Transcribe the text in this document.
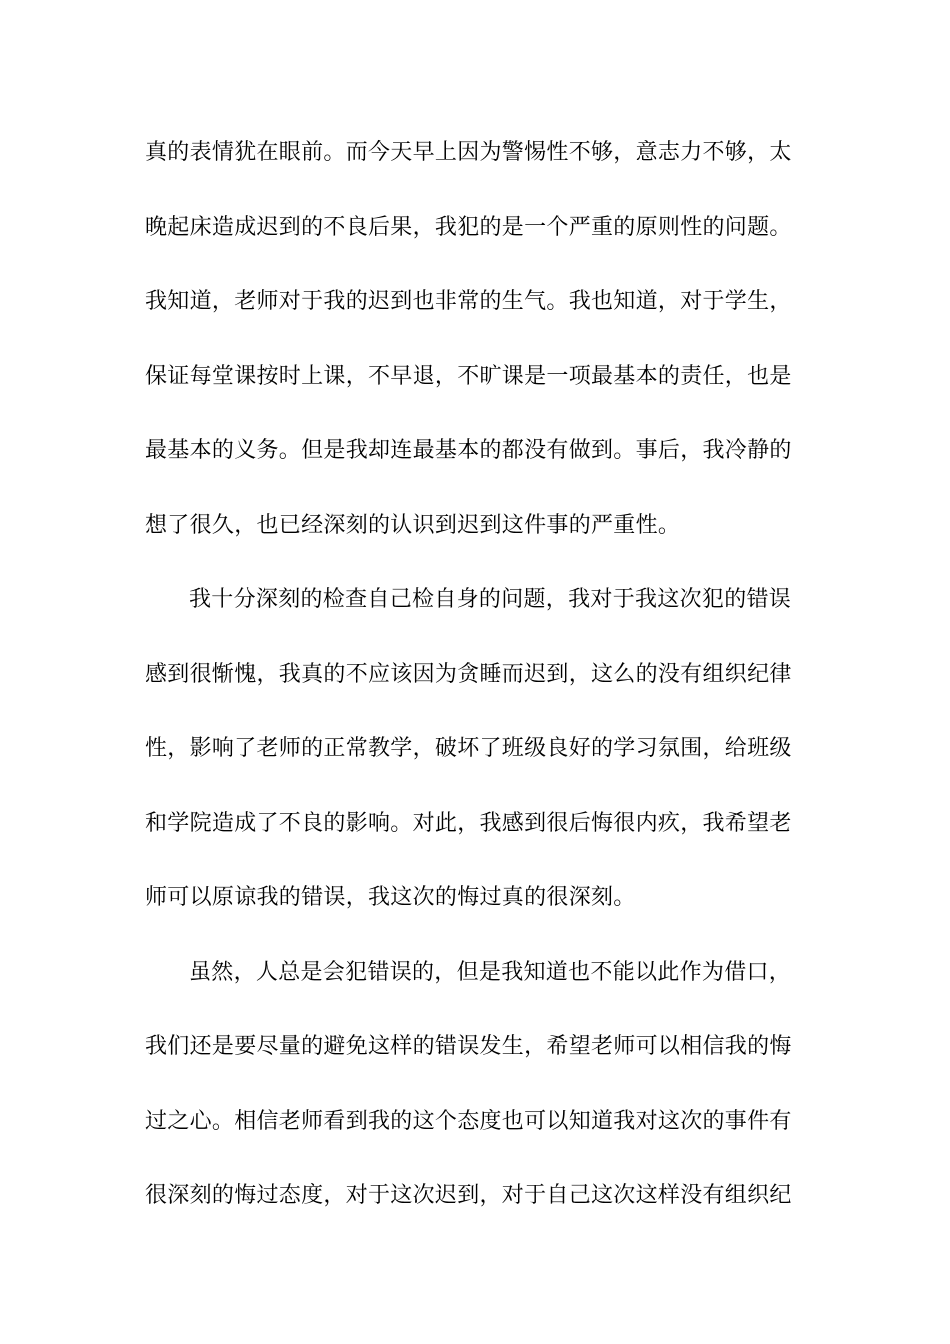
真的表情犹在眼前。而今天早上因为警惕性不够，意志力不够，太
晚起床造成迟到的不良后果，我犯的是一个严重的原则性的问题。
我知道，老师对于我的迟到也非常的生气。我也知道，对于学生，
保证每堂课按时上课，不早退，不旷课是一项最基本的责任，也是
最基本的义务。但是我却连最基本的都没有做到。事后，我冷静的
想了很久，也已经深刻的认识到迟到这件事的严重性。
我十分深刻的检查自己检自身的问题，我对于我这次犯的错误
感到很惭愧，我真的不应该因为贪睡而迟到，这么的没有组织纪律
性，影响了老师的正常教学，破坏了班级良好的学习氛围，给班级
和学院造成了不良的影响。对此，我感到很后悔很内疚，我希望老
师可以原谅我的错误，我这次的悔过真的很深刻。
虽然，人总是会犯错误的，但是我知道也不能以此作为借口，
我们还是要尽量的避免这样的错误发生，希望老师可以相信我的悔
过之心。相信老师看到我的这个态度也可以知道我对这次的事件有
很深刻的悔过态度，对于这次迟到，对于自己这次这样没有组织纪
